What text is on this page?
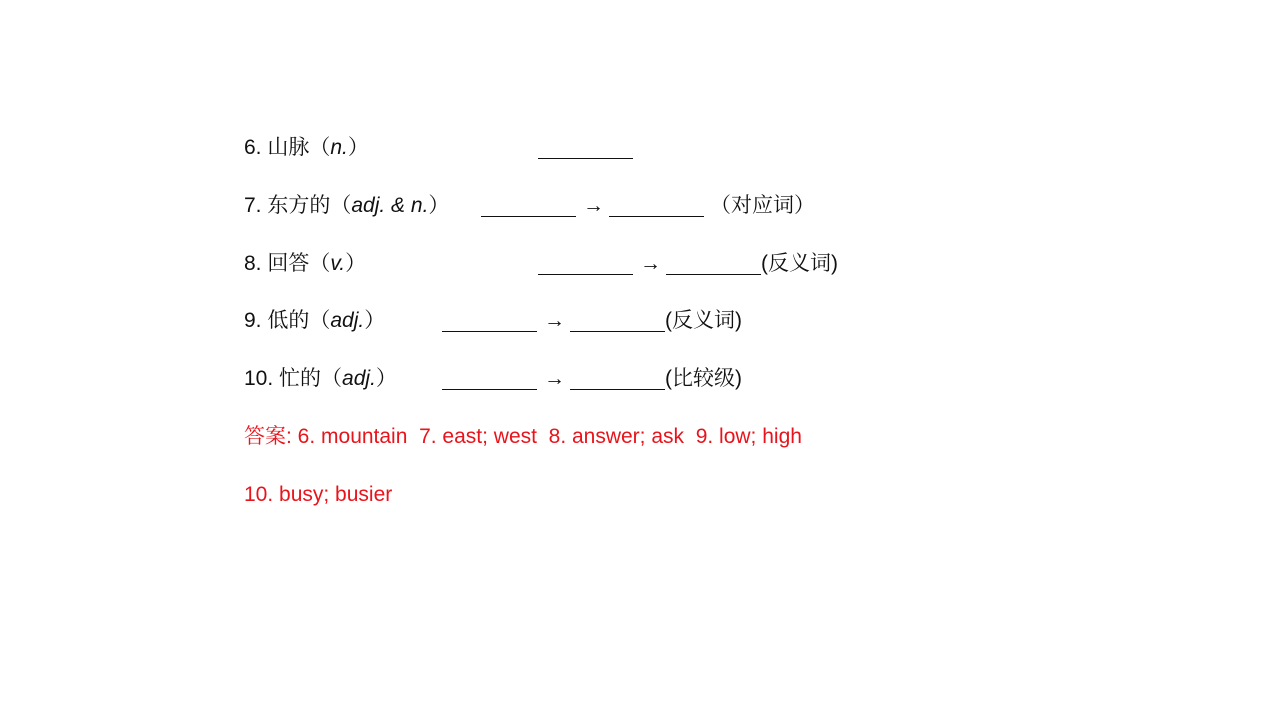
6. 山脉（n.）
7. 东方的（adj. & n.）	→	（对应词）
8. 回答（v.）	→	(反义词)
9. 低的（adj.）	→	(反义词)
10. 忙的（adj.）	→	(比较级)
答案: 6. mountain  7. east; west  8. answer; ask  9. low; high
10. busy; busier
